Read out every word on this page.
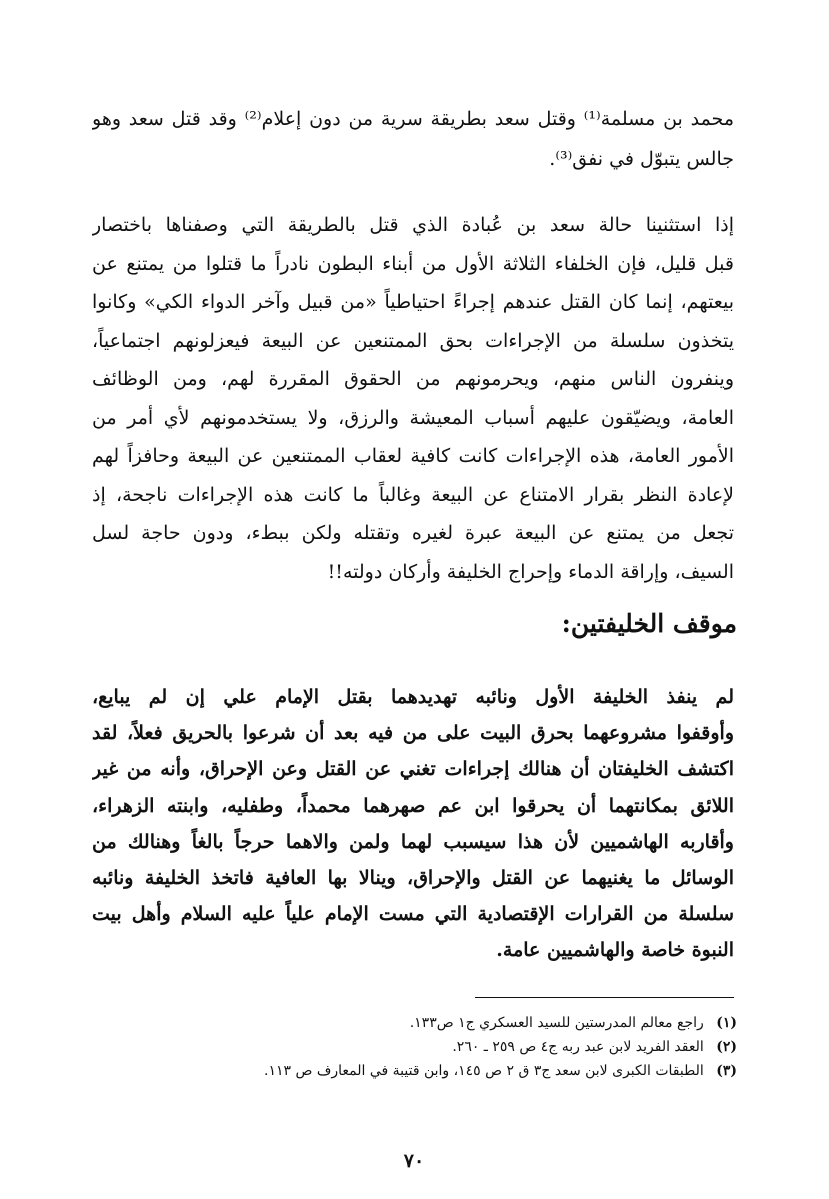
محمد بن مسلمة⁽¹⁾ وقتل سعد بطريقة سرية من دون إعلام⁽²⁾ وقد قتل سعد وهو
جالس يتبوّل في نفق⁽³⁾.
إذا استثنينا حالة سعد بن عُبادة الذي قتل بالطريقة التي وصفناها باختصار
قبل قليل، فإن الخلفاء الثلاثة الأول من أبناء البطون نادراً ما قتلوا من يمتنع عن
بيعتهم، إنما كان القتل عندهم إجراءً احتياطياً «من قبيل وآخر الدواء الكي» وكانوا
يتخذون سلسلة من الإجراءات بحق الممتنعين عن البيعة فيعزلونهم اجتماعياً،
وينفرون الناس منهم، ويحرمونهم من الحقوق المقررة لهم، ومن الوظائف
العامة، ويضيّقون عليهم أسباب المعيشة والرزق، ولا يستخدمونهم لأي أمر من
الأمور العامة، هذه الإجراءات كانت كافية لعقاب الممتنعين عن البيعة وحافزاً لهم
لإعادة النظر بقرار الامتناع عن البيعة وغالباً ما كانت هذه الإجراءات ناجحة، إذ
تجعل من يمتنع عن البيعة عبرة لغيره وتقتله ولكن ببطء، ودون حاجة لسل
السيف، وإراقة الدماء وإحراج الخليفة وأركان دولته!!
موقف الخليفتين:
لم ينفذ الخليفة الأول ونائبه تهديدهما بقتل الإمام علي إن لم يبايع،
وأوقفوا مشروعهما بحرق البيت على من فيه بعد أن شرعوا بالحريق فعلاً، لقد
اكتشف الخليفتان أن هنالك إجراءات تغني عن القتل وعن الإحراق، وأنه من غير
اللائق بمكانتهما أن يحرقوا ابن عم صهرهما محمداً، وطفليه، وابنته الزهراء،
وأقاربه الهاشميين لأن هذا سيسبب لهما ولمن والاهما حرجاً بالغاً وهنالك من
الوسائل ما يغنيهما عن القتل والإحراق، وينالا بها العافية فاتخذ الخليفة ونائبه
سلسلة من القرارات الإقتصادية التي مست الإمام علياً عليه السلام وأهل بيت
النبوة خاصة والهاشميين عامة.
(١) راجع معالم المدرستين للسيد العسكري ج١ ص١٣٣.
(٢) العقد الفريد لابن عبد ربه ج٤ ص ٢٥٩ ـ ٢٦٠.
(٣) الطبقات الكبرى لابن سعد ج٣ ق ٢ ص ١٤٥، وابن قتيبة في المعارف ص ١١٣.
٧٠
